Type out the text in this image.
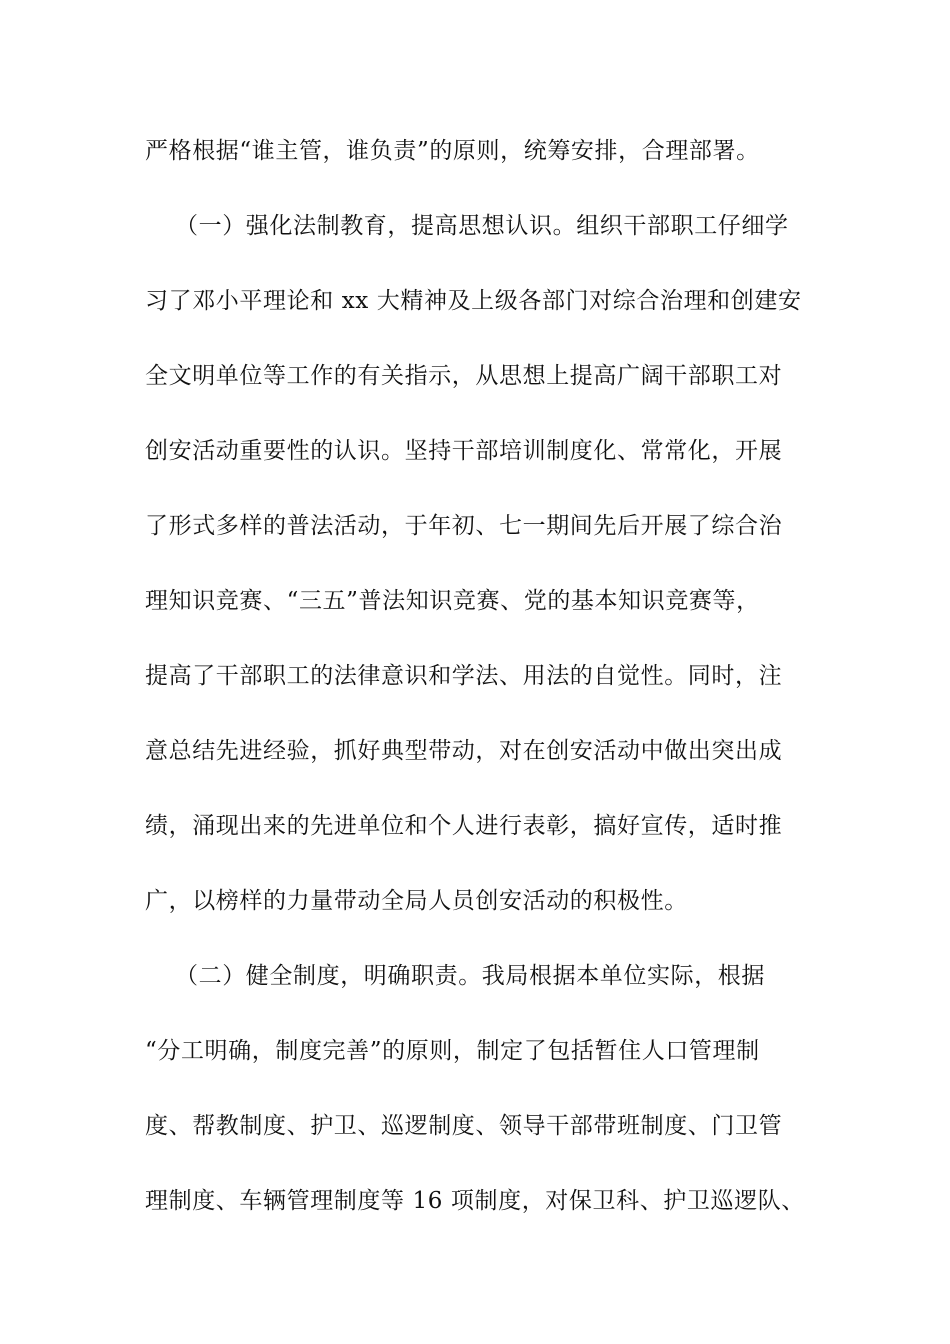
严格根据“谁主管，谁负责”的原则，统筹安排，合理部署。
（一）强化法制教育，提高思想认识。组织干部职工仔细学
习了邓小平理论和 xx 大精神及上级各部门对综合治理和创建安
全文明单位等工作的有关指示，从思想上提高广阔干部职工对
创安活动重要性的认识。坚持干部培训制度化、常常化，开展
了形式多样的普法活动，于年初、七一期间先后开展了综合治
理知识竞赛、“三五”普法知识竞赛、党的基本知识竞赛等，
提高了干部职工的法律意识和学法、用法的自觉性。同时，注
意总结先进经验，抓好典型带动，对在创安活动中做出突出成
绩，涌现出来的先进单位和个人进行表彰，搞好宣传，适时推
广，以榜样的力量带动全局人员创安活动的积极性。
（二）健全制度，明确职责。我局根据本单位实际，根据
“分工明确，制度完善”的原则，制定了包括暂住人口管理制
度、帮教制度、护卫、巡逻制度、领导干部带班制度、门卫管
理制度、车辆管理制度等 16 项制度，对保卫科、护卫巡逻队、
